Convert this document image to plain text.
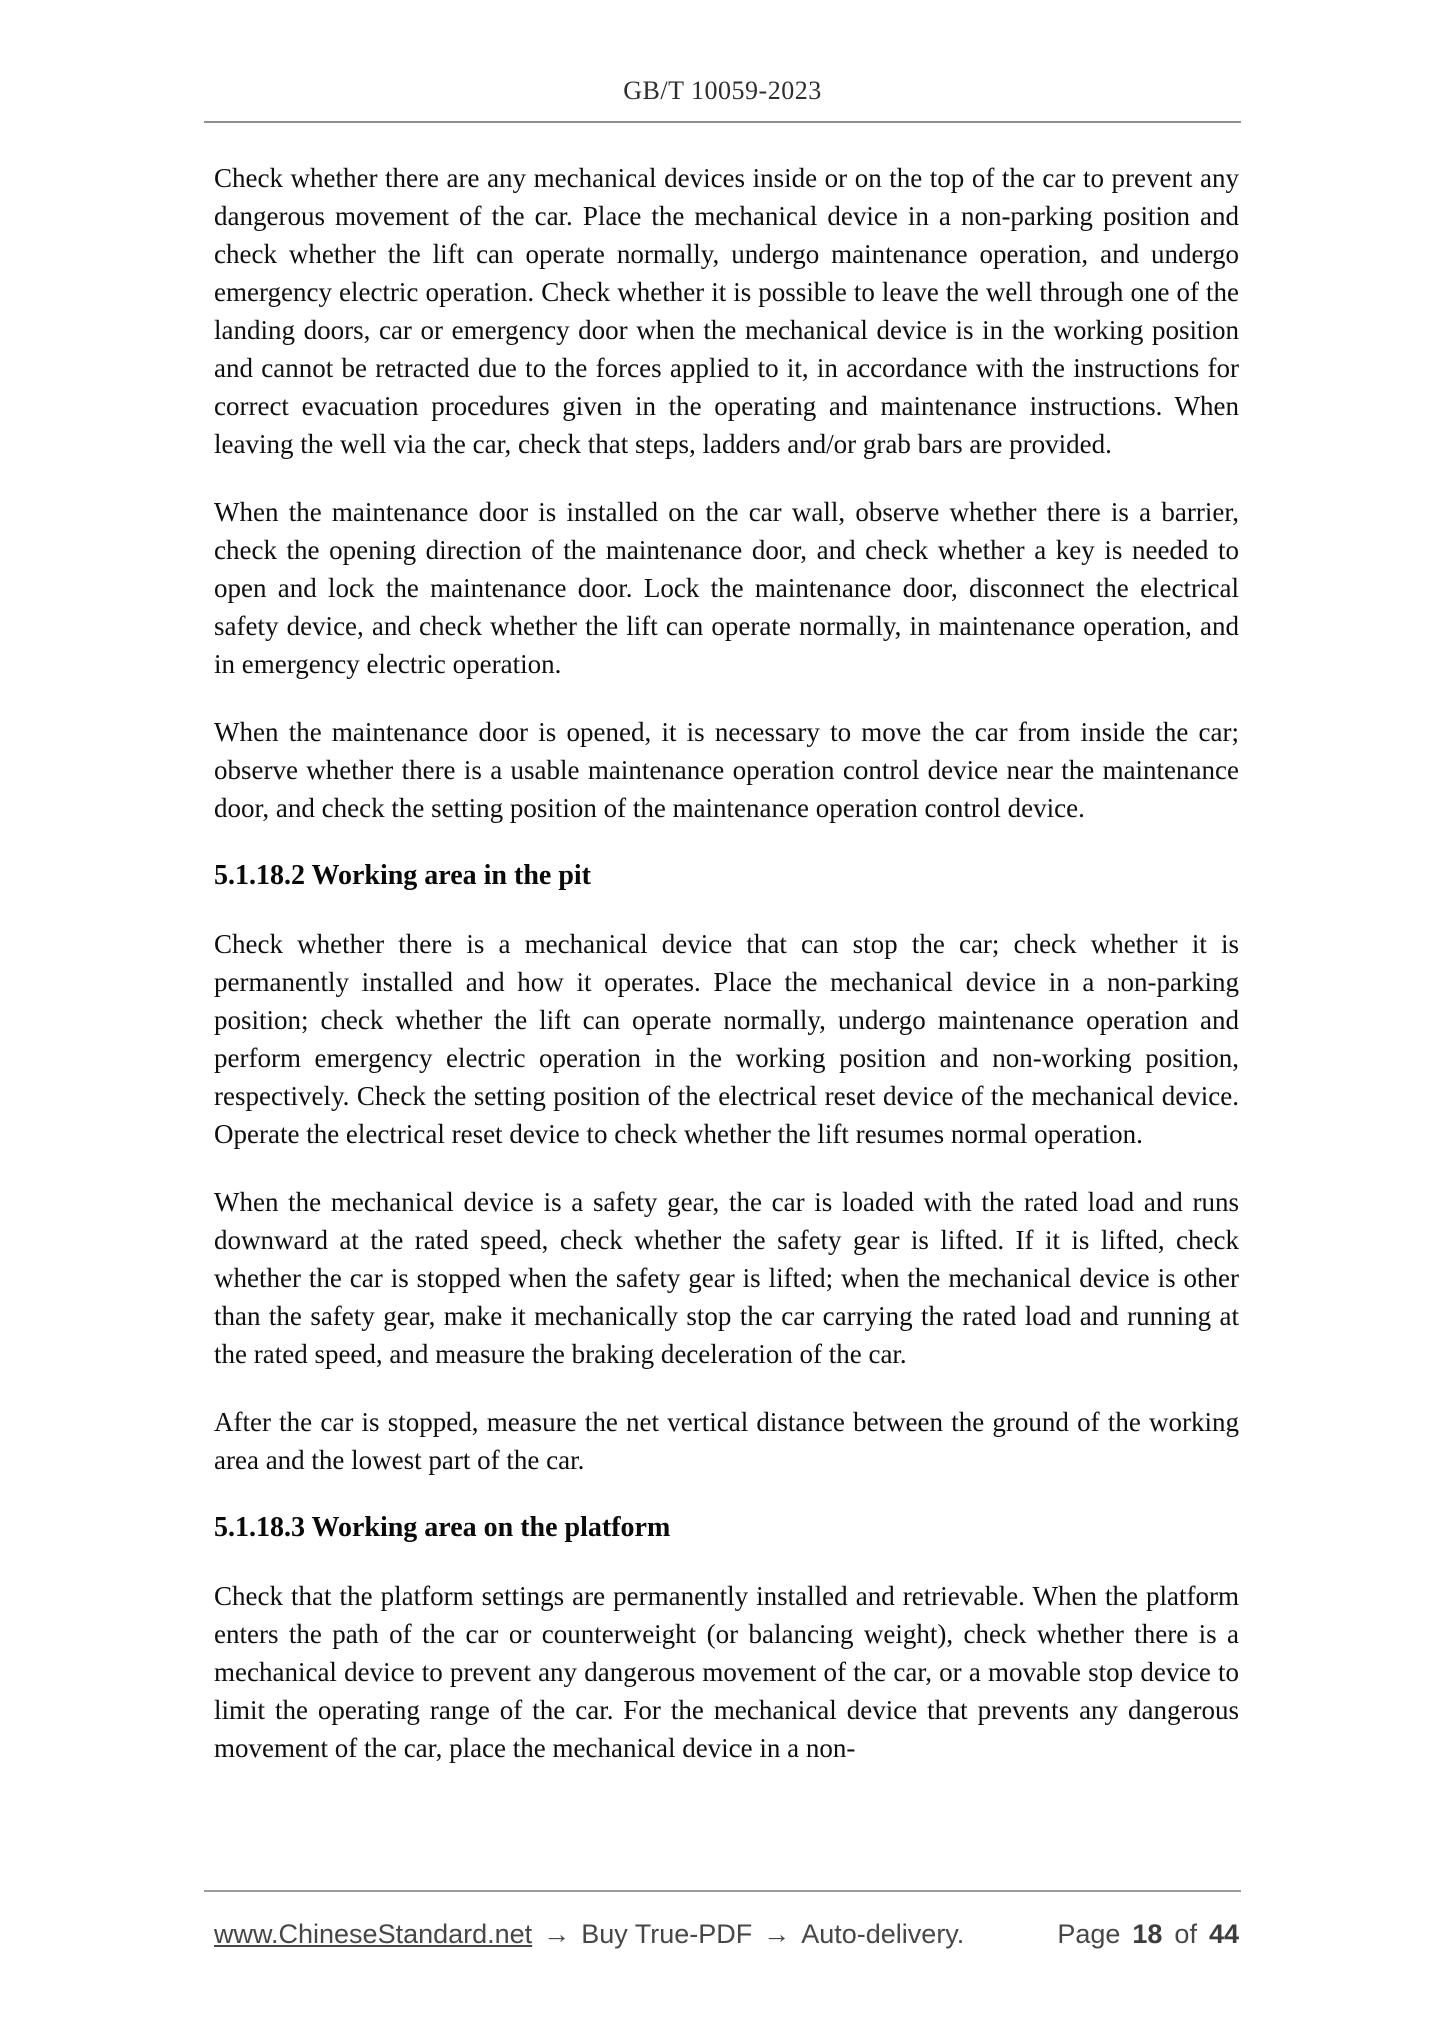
GB/T 10059-2023

Check whether there are any mechanical devices inside or on the top of the car to prevent any dangerous movement of the car. Place the mechanical device in a non-parking position and check whether the lift can operate normally, undergo maintenance operation, and undergo emergency electric operation. Check whether it is possible to leave the well through one of the landing doors, car or emergency door when the mechanical device is in the working position and cannot be retracted due to the forces applied to it, in accordance with the instructions for correct evacuation procedures given in the operating and maintenance instructions. When leaving the well via the car, check that steps, ladders and/or grab bars are provided.

When the maintenance door is installed on the car wall, observe whether there is a barrier, check the opening direction of the maintenance door, and check whether a key is needed to open and lock the maintenance door. Lock the maintenance door, disconnect the electrical safety device, and check whether the lift can operate normally, in maintenance operation, and in emergency electric operation.

When the maintenance door is opened, it is necessary to move the car from inside the car; observe whether there is a usable maintenance operation control device near the maintenance door, and check the setting position of the maintenance operation control device.

5.1.18.2 Working area in the pit

Check whether there is a mechanical device that can stop the car; check whether it is permanently installed and how it operates. Place the mechanical device in a non-parking position; check whether the lift can operate normally, undergo maintenance operation and perform emergency electric operation in the working position and non-working position, respectively. Check the setting position of the electrical reset device of the mechanical device. Operate the electrical reset device to check whether the lift resumes normal operation.

When the mechanical device is a safety gear, the car is loaded with the rated load and runs downward at the rated speed, check whether the safety gear is lifted. If it is lifted, check whether the car is stopped when the safety gear is lifted; when the mechanical device is other than the safety gear, make it mechanically stop the car carrying the rated load and running at the rated speed, and measure the braking deceleration of the car.

After the car is stopped, measure the net vertical distance between the ground of the working area and the lowest part of the car.

5.1.18.3 Working area on the platform

Check that the platform settings are permanently installed and retrievable. When the platform enters the path of the car or counterweight (or balancing weight), check whether there is a mechanical device to prevent any dangerous movement of the car, or a movable stop device to limit the operating range of the car. For the mechanical device that prevents any dangerous movement of the car, place the mechanical device in a non-

www.ChineseStandard.net → Buy True-PDF → Auto-delivery.	Page 18 of 44
